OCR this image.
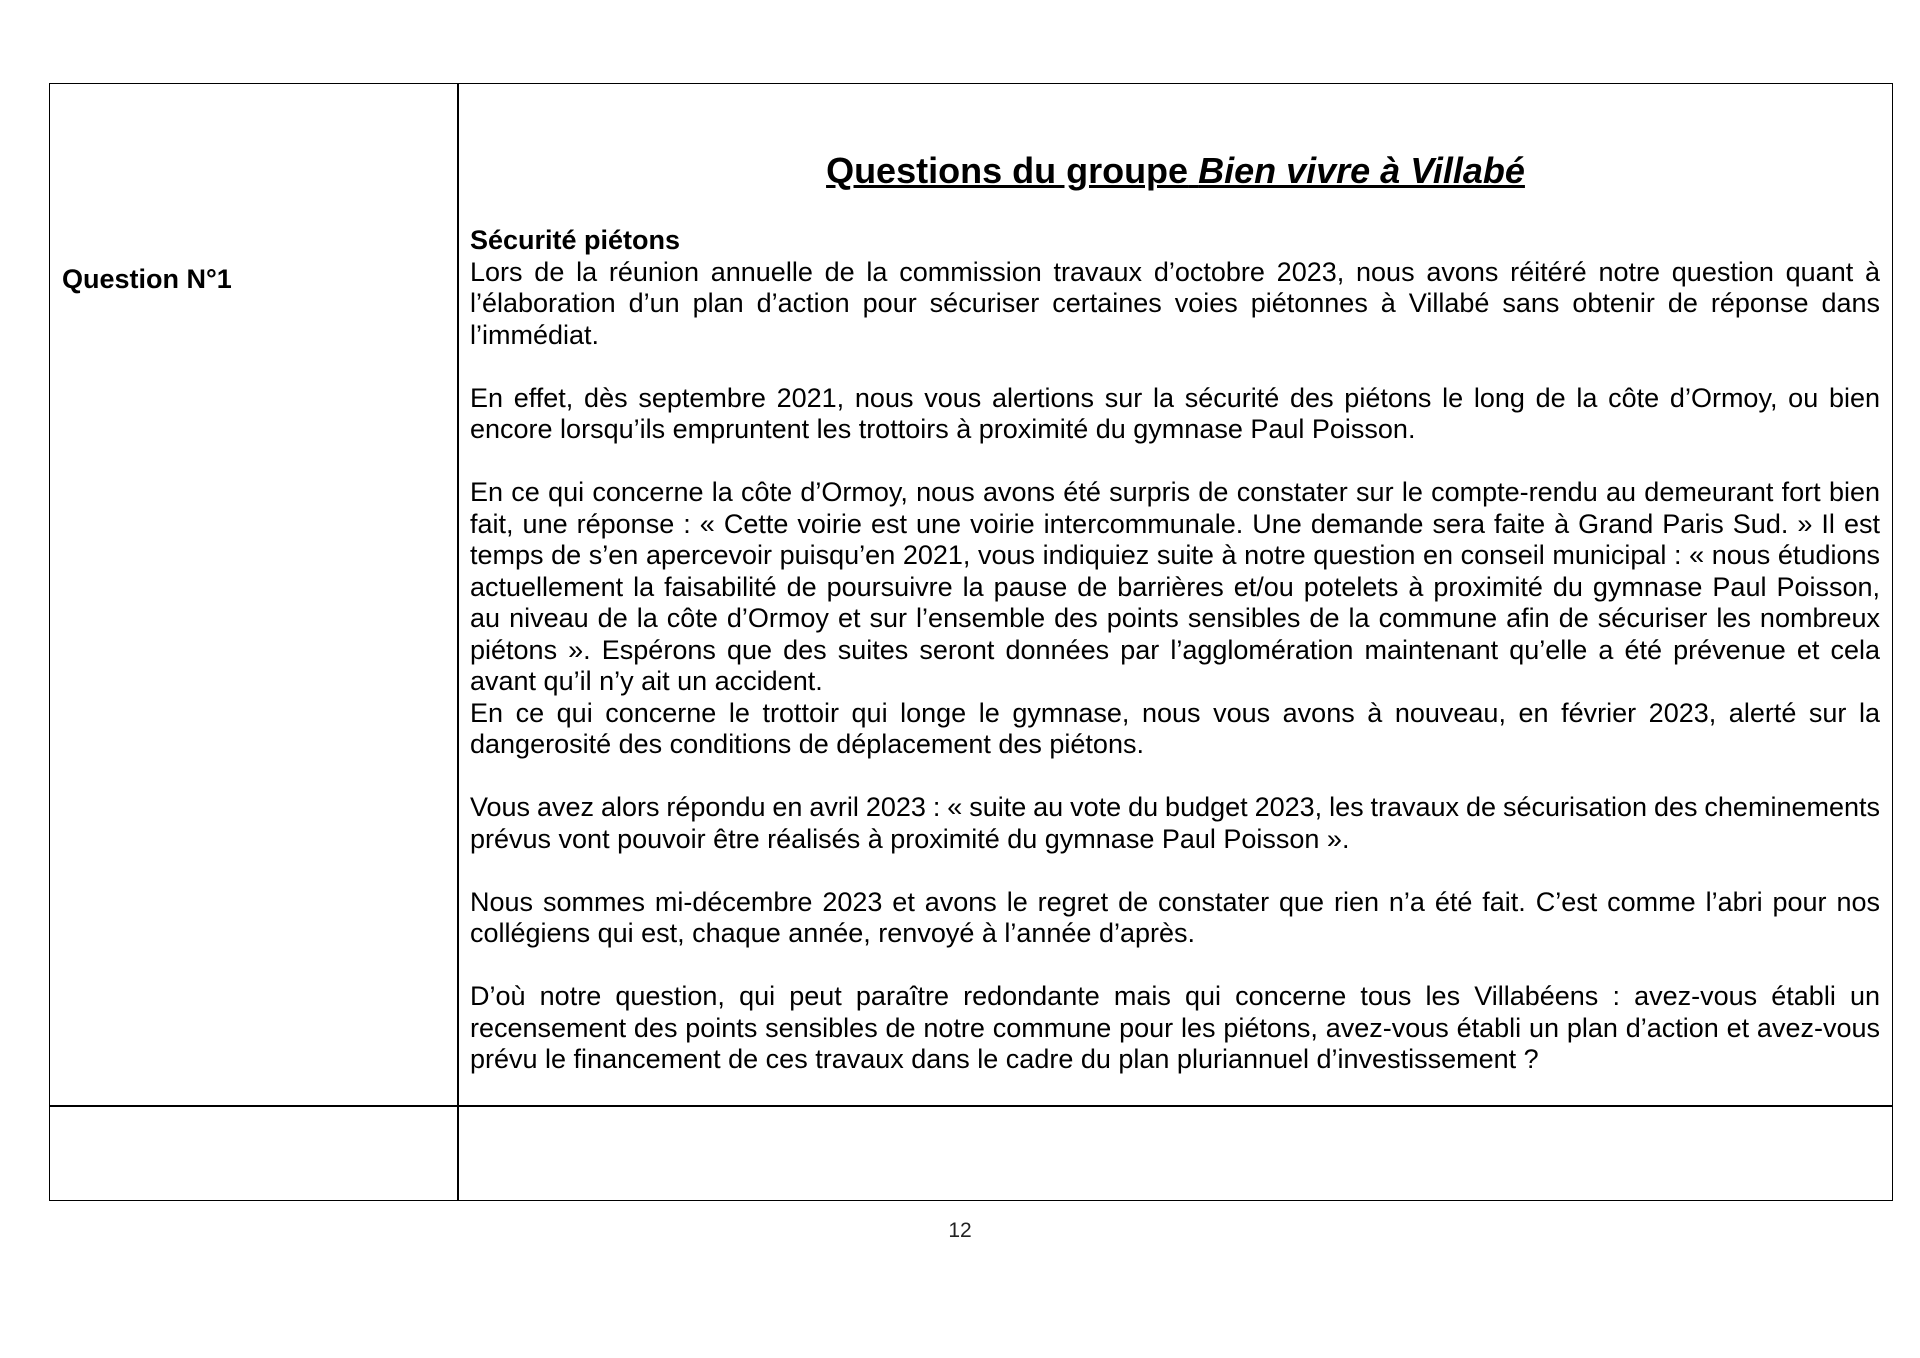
Questions du groupe Bien vivre à Villabé
Question N°1
Sécurité piétons
Lors de la réunion annuelle de la commission travaux d’octobre 2023, nous avons réitéré notre question quant à
l’élaboration d’un plan d’action pour sécuriser certaines voies piétonnes à Villabé sans obtenir de réponse dans
l’immédiat.
En effet, dès septembre 2021, nous vous alertions sur la sécurité des piétons le long de la côte d’Ormoy, ou bien
encore lorsqu’ils empruntent les trottoirs à proximité du gymnase Paul Poisson.
En ce qui concerne la côte d’Ormoy, nous avons été surpris de constater sur le compte-rendu au demeurant fort bien
fait, une réponse : « Cette voirie est une voirie intercommunale. Une demande sera faite à Grand Paris Sud. » Il est
temps de s’en apercevoir puisqu’en 2021, vous indiquiez suite à notre question en conseil municipal : « nous étudions
actuellement la faisabilité de poursuivre la pause de barrières et/ou potelets à proximité du gymnase Paul Poisson,
au niveau de la côte d’Ormoy et sur l’ensemble des points sensibles de la commune afin de sécuriser les nombreux
piétons ». Espérons que des suites seront données par l’agglomération maintenant qu’elle a été prévenue et cela
avant qu’il n’y ait un accident.
En ce qui concerne le trottoir qui longe le gymnase, nous vous avons à nouveau, en février 2023, alerté sur la
dangerosité des conditions de déplacement des piétons.
Vous avez alors répondu en avril 2023 : « suite au vote du budget 2023, les travaux de sécurisation des cheminements
prévus vont pouvoir être réalisés à proximité du gymnase Paul Poisson ».
Nous sommes mi-décembre 2023 et avons le regret de constater que rien n’a été fait. C’est comme l’abri pour nos
collégiens qui est, chaque année, renvoyé à l’année d’après.
D’où notre question, qui peut paraître redondante mais qui concerne tous les Villabéens : avez-vous établi un
recensement des points sensibles de notre commune pour les piétons, avez-vous établi un plan d’action et avez-vous
prévu le financement de ces travaux dans le cadre du plan pluriannuel d’investissement ?
12
